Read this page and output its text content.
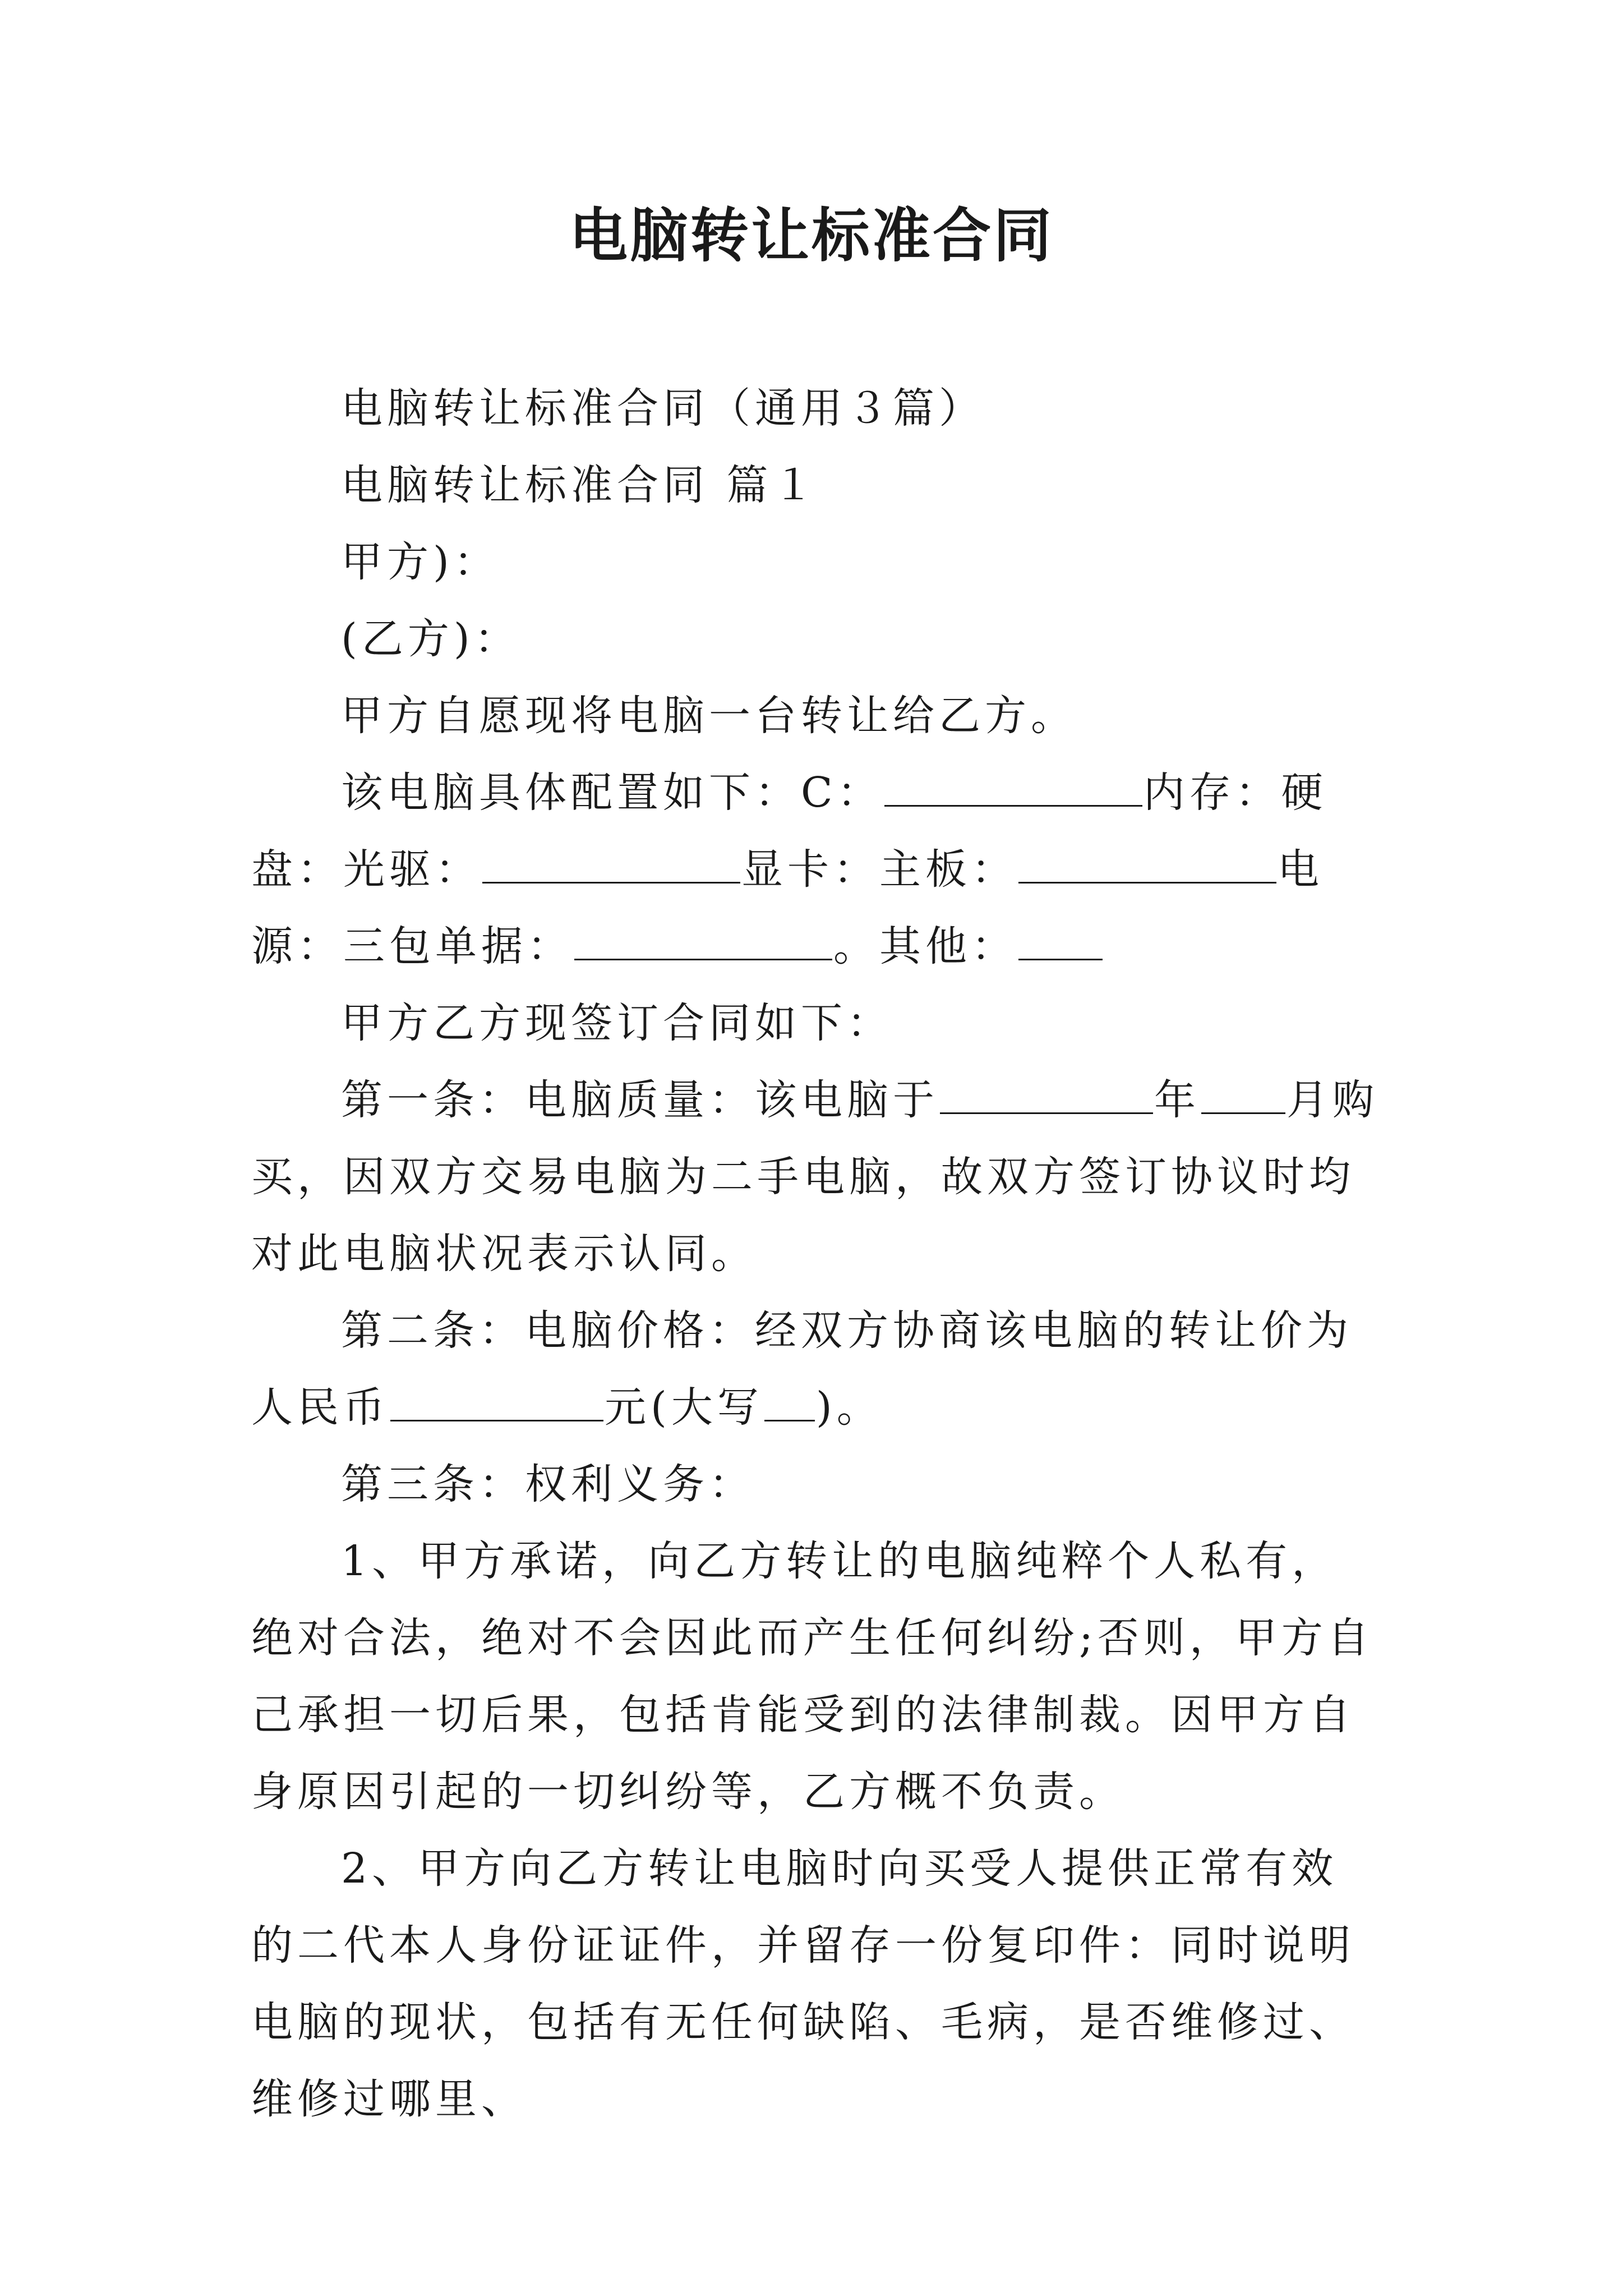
电脑转让标准合同

电脑转让标准合同（通用３篇）

电脑转让标准合同 篇１

甲方)：

(乙方)：

甲方自愿现将电脑一台转让给乙方。

该电脑具体配置如下：C：	内存：硬盘：光驱：	显卡：主板：	电源：三包单据：	。其他：

甲方乙方现签订合同如下：

第一条：电脑质量：该电脑于	年 月购买，因双方交易电脑为二手电脑，故双方签订协议时均对此电脑状况表示认同。

第二条：电脑价格：经双方协商该电脑的转让价为人民币	元(大写 )。

第三条：权利义务：

1、甲方承诺，向乙方转让的电脑纯粹个人私有，绝对合法，绝对不会因此而产生任何纠纷;否则，甲方自己承担一切后果，包括肯能受到的法律制裁。因甲方自身原因引起的一切纠纷等，乙方概不负责。

2、甲方向乙方转让电脑时向买受人提供正常有效的二代本人身份证证件，并留存一份复印件：同时说明电脑的现状，包括有无任何缺陷、毛病，是否维修过、维修过哪里、
